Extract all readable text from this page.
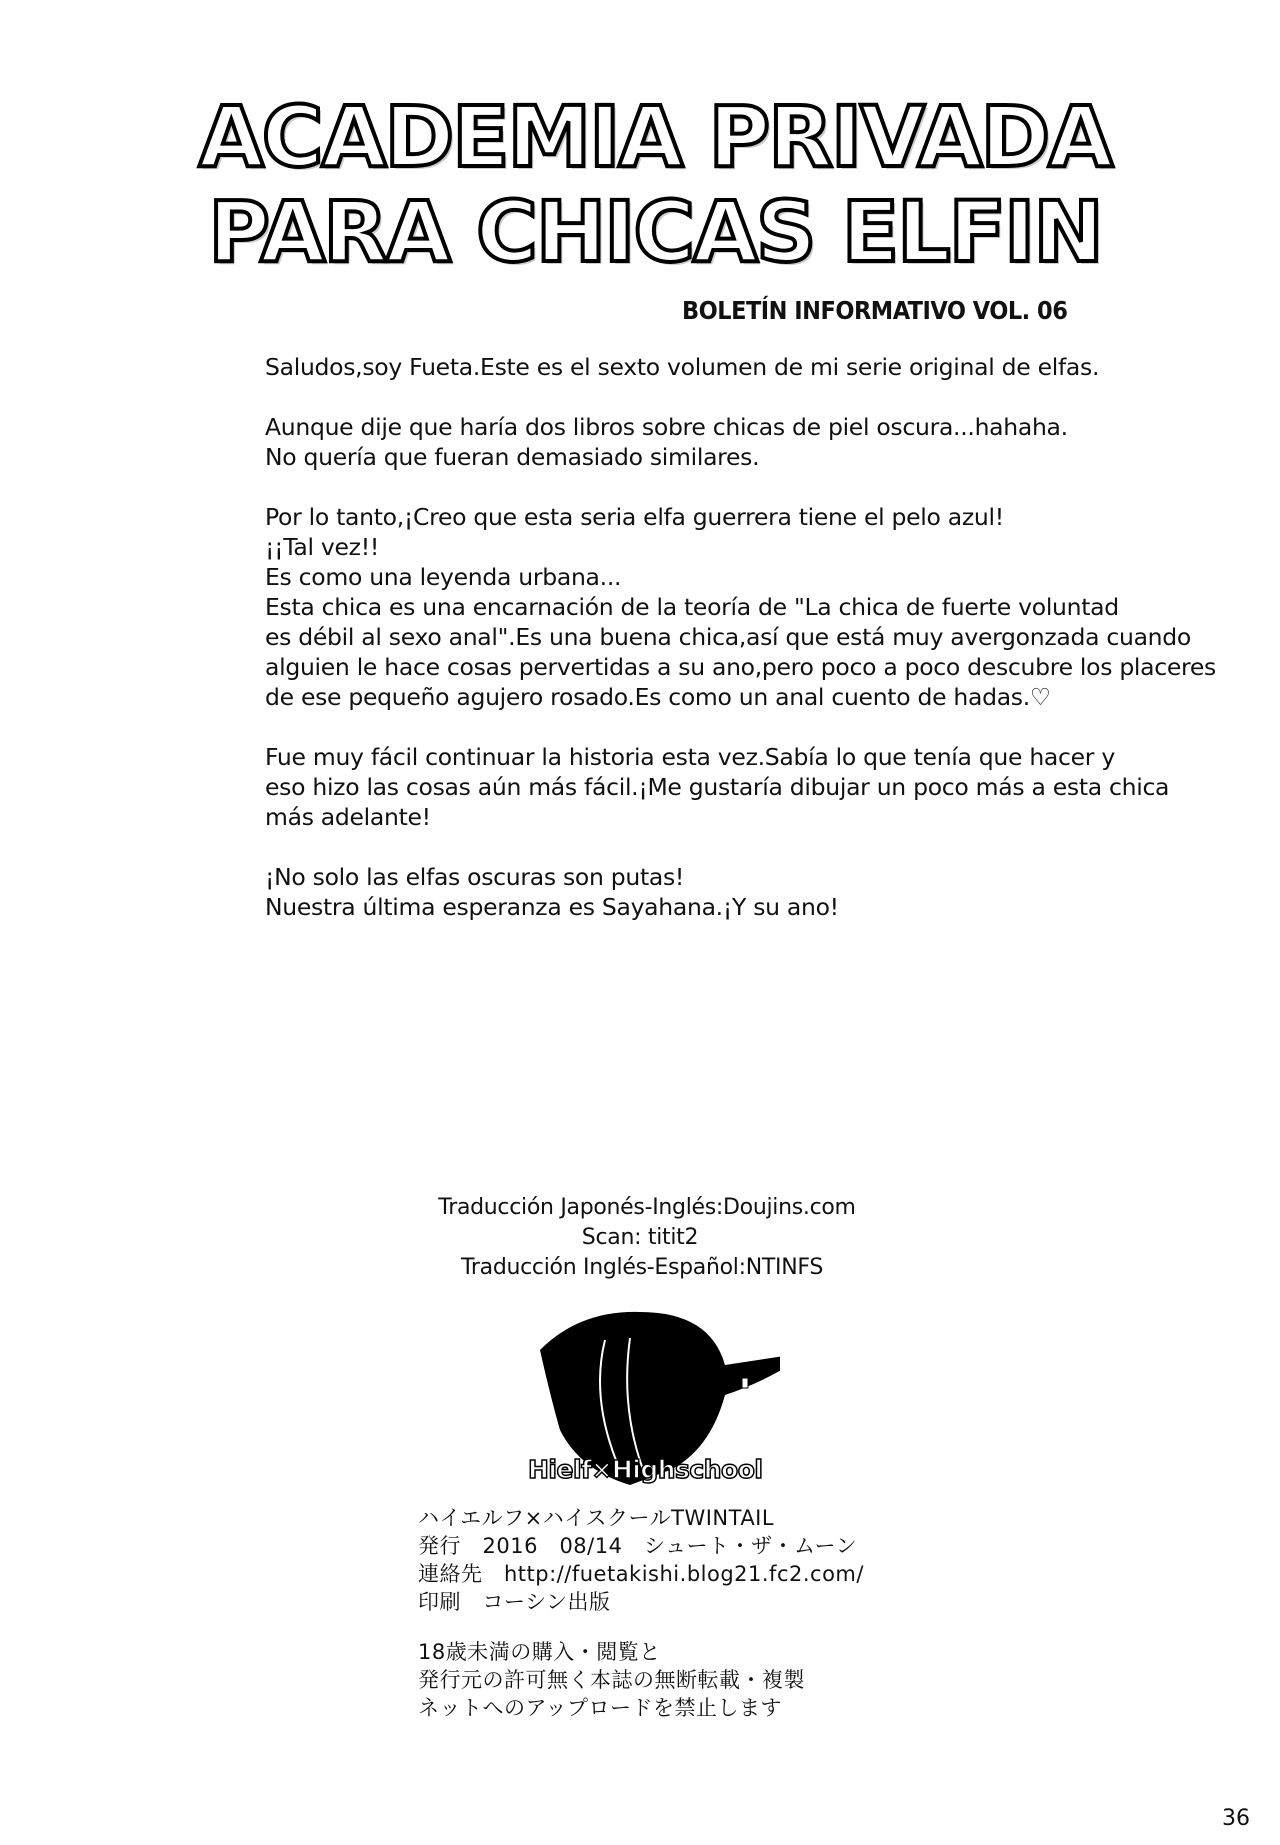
ACADEMIA PRIVADA
PARA CHICAS ELFIN
BOLETÍN INFORMATIVO VOL. 06

Saludos,soy Fueta.Este es el sexto volumen de mi serie original de elfas.

Aunque dije que haría dos libros sobre chicas de piel oscura...hahaha.
No quería que fueran demasiado similares.

Por lo tanto,¡Creo que esta seria elfa guerrera tiene el pelo azul!
¡¡Tal vez!!
Es como una leyenda urbana...
Esta chica es una encarnación de la teoría de "La chica de fuerte voluntad
es débil al sexo anal".Es una buena chica,así que está muy avergonzada cuando
alguien le hace cosas pervertidas a su ano,pero poco a poco descubre los placeres
de ese pequeño agujero rosado.Es como un anal cuento de hadas.♡

Fue muy fácil continuar la historia esta vez.Sabía lo que tenía que hacer y
eso hizo las cosas aún más fácil.¡Me gustaría dibujar un poco más a esta chica
más adelante!

¡No solo las elfas oscuras son putas!
Nuestra última esperanza es Sayahana.¡Y su ano!

Traducción Japonés-Inglés:Doujins.com
Scan: titit2
Traducción Inglés-Español:NTINFS
Hielf×Highschool
ハイエルフ×ハイスクールTWINTAIL
発行　2016　08/14　シュート・ザ・ムーン
連絡先　http://fuetakishi.blog21.fc2.com/
印刷　コーシン出版
18歳未満の購入・閲覧と
発行元の許可無く本誌の無断転載・複製
ネットへのアップロードを禁止します
36
